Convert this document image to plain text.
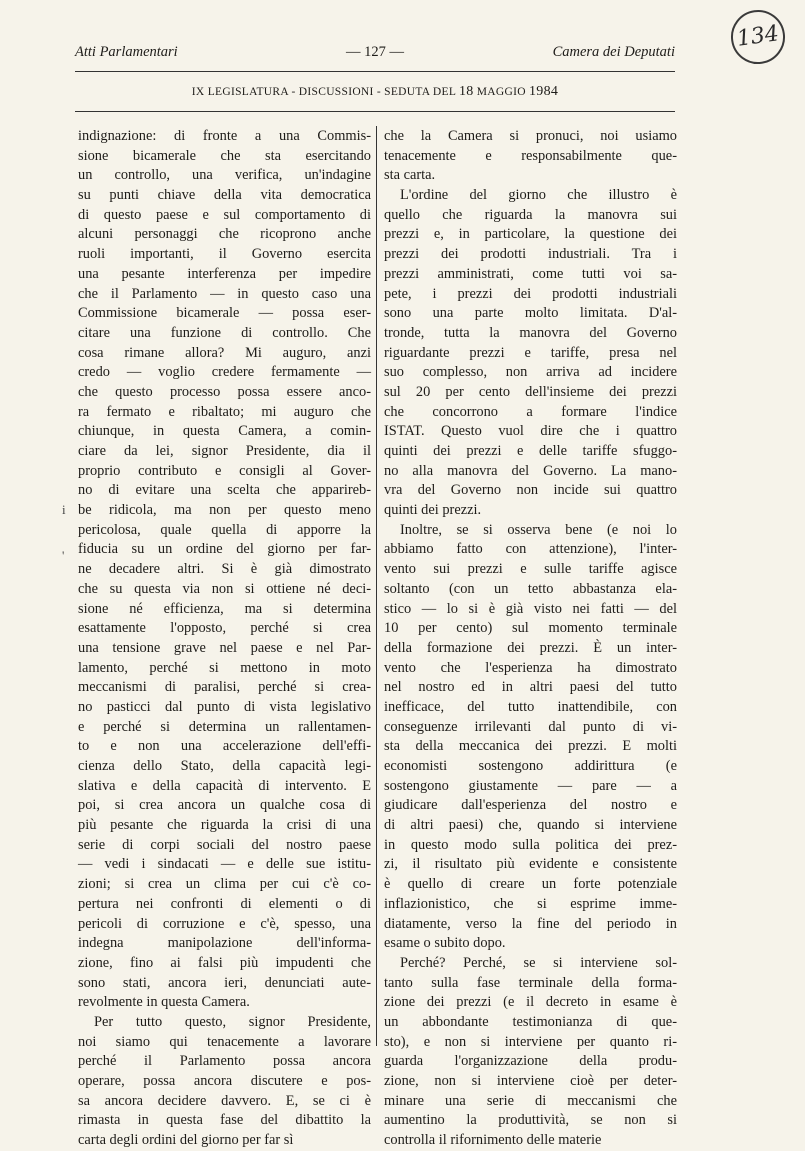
134
Atti Parlamentari	— 127 —	Camera dei Deputati
IX LEGISLATURA - DISCUSSIONI - SEDUTA DEL 18 MAGGIO 1984
i
'
indignazione: di fronte a una Commis-
sione bicamerale che sta esercitando
un controllo, una verifica, un'indagine
su punti chiave della vita democratica
di questo paese e sul comportamento di
alcuni personaggi che ricoprono anche
ruoli importanti, il Governo esercita
una pesante interferenza per impedire
che il Parlamento — in questo caso una
Commissione bicamerale — possa eser-
citare una funzione di controllo. Che
cosa rimane allora? Mi auguro, anzi
credo — voglio credere fermamente —
che questo processo possa essere anco-
ra fermato e ribaltato; mi auguro che
chiunque, in questa Camera, a comin-
ciare da lei, signor Presidente, dia il
proprio contributo e consigli al Gover-
no di evitare una scelta che apparireb-
be ridicola, ma non per questo meno
pericolosa, quale quella di apporre la
fiducia su un ordine del giorno per far-
ne decadere altri. Si è già dimostrato
che su questa via non si ottiene né deci-
sione né efficienza, ma si determina
esattamente l'opposto, perché si crea
una tensione grave nel paese e nel Par-
lamento, perché si mettono in moto
meccanismi di paralisi, perché si crea-
no pasticci dal punto di vista legislativo
e perché si determina un rallentamen-
to e non una accelerazione dell'effi-
cienza dello Stato, della capacità legi-
slativa e della capacità di intervento. E
poi, si crea ancora un qualche cosa di
più pesante che riguarda la crisi di una
serie di corpi sociali del nostro paese
— vedi i sindacati — e delle sue istitu-
zioni; si crea un clima per cui c'è co-
pertura nei confronti di elementi o di
pericoli di corruzione e c'è, spesso, una
indegna manipolazione dell'informa-
zione, fino ai falsi più impudenti che
sono stati, ancora ieri, denunciati aute-
revolmente in questa Camera.
Per tutto questo, signor Presidente,
noi siamo qui tenacemente a lavorare
perché il Parlamento possa ancora
operare, possa ancora discutere e pos-
sa ancora decidere davvero. E, se ci è
rimasta in questa fase del dibattito la
carta degli ordini del giorno per far sì
che la Camera si pronuci, noi usiamo
tenacemente e responsabilmente que-
sta carta.
L'ordine del giorno che illustro è
quello che riguarda la manovra sui
prezzi e, in particolare, la questione dei
prezzi dei prodotti industriali. Tra i
prezzi amministrati, come tutti voi sa-
pete, i prezzi dei prodotti industriali
sono una parte molto limitata. D'al-
tronde, tutta la manovra del Governo
riguardante prezzi e tariffe, presa nel
suo complesso, non arriva ad incidere
sul 20 per cento dell'insieme dei prezzi
che concorrono a formare l'indice
ISTAT. Questo vuol dire che i quattro
quinti dei prezzi e delle tariffe sfuggo-
no alla manovra del Governo. La mano-
vra del Governo non incide sui quattro
quinti dei prezzi.
Inoltre, se si osserva bene (e noi lo
abbiamo fatto con attenzione), l'inter-
vento sui prezzi e sulle tariffe agisce
soltanto (con un tetto abbastanza ela-
stico — lo si è già visto nei fatti — del
10 per cento) sul momento terminale
della formazione dei prezzi. È un inter-
vento che l'esperienza ha dimostrato
nel nostro ed in altri paesi del tutto
inefficace, del tutto inattendibile, con
conseguenze irrilevanti dal punto di vi-
sta della meccanica dei prezzi. E molti
economisti sostengono addirittura (e
sostengono giustamente — pare — a
giudicare dall'esperienza del nostro e
di altri paesi) che, quando si interviene
in questo modo sulla politica dei prez-
zi, il risultato più evidente e consistente
è quello di creare un forte potenziale
inflazionistico, che si esprime imme-
diatamente, verso la fine del periodo in
esame o subito dopo.
Perché? Perché, se si interviene sol-
tanto sulla fase terminale della forma-
zione dei prezzi (e il decreto in esame è
un abbondante testimonianza di que-
sto), e non si interviene per quanto ri-
guarda l'organizzazione della produ-
zione, non si interviene cioè per deter-
minare una serie di meccanismi che
aumentino la produttività, se non si
controlla il rifornimento delle materie
